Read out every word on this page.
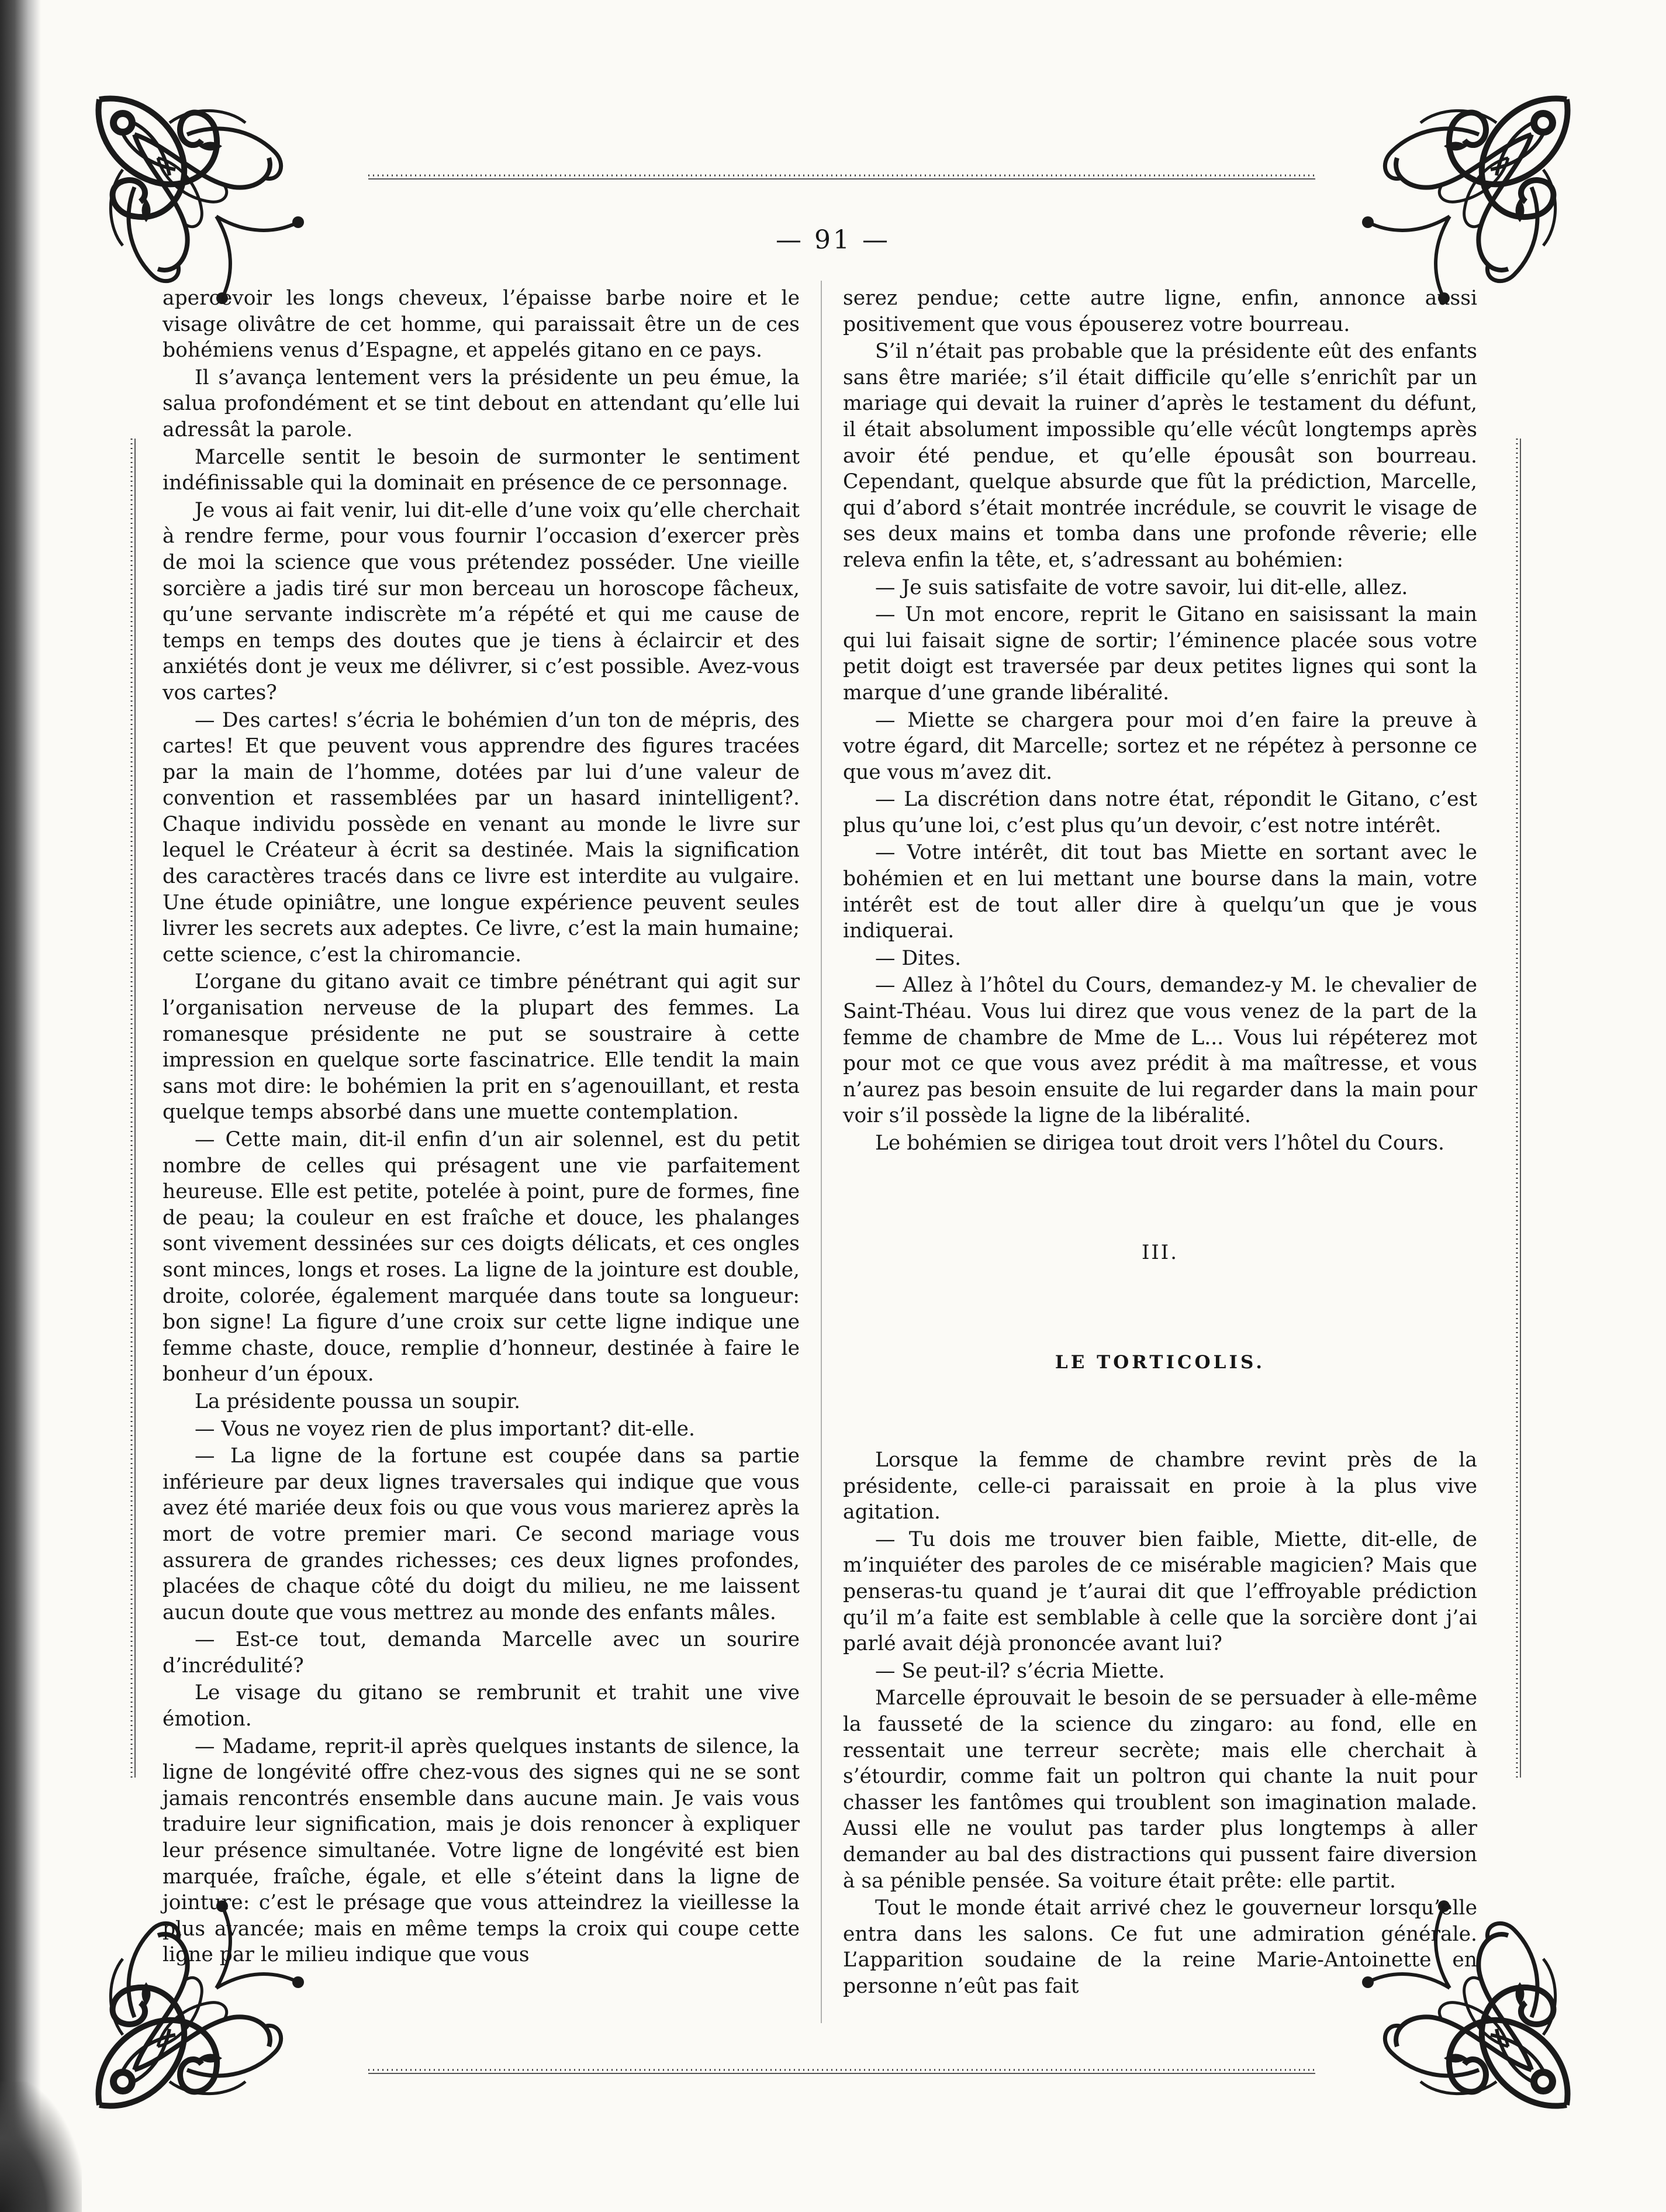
— 91 —

apercevoir les longs cheveux, l’épaisse barbe noire et le visage olivâtre de cet homme, qui paraissait être un de ces bohémiens venus d’Espagne, et appelés gitano en ce pays.

Il s’avança lentement vers la présidente un peu émue, la salua profondément et se tint debout en attendant qu’elle lui adressât la parole.

Marcelle sentit le besoin de surmonter le sentiment indéfinissable qui la dominait en présence de ce personnage.

Je vous ai fait venir, lui dit-elle d’une voix qu’elle cherchait à rendre ferme, pour vous fournir l’occasion d’exercer près de moi la science que vous prétendez posséder. Une vieille sorcière a jadis tiré sur mon berceau un horoscope fâcheux, qu’une servante indiscrète m’a répété et qui me cause de temps en temps des doutes que je tiens à éclaircir et des anxiétés dont je veux me délivrer, si c’est possible. Avez-vous vos cartes?

— Des cartes! s’écria le bohémien d’un ton de mépris, des cartes! Et que peuvent vous apprendre des figures tracées par la main de l’homme, dotées par lui d’une valeur de convention et rassemblées par un hasard inintelligent?. Chaque individu possède en venant au monde le livre sur lequel le Créateur à écrit sa destinée. Mais la signification des caractères tracés dans ce livre est interdite au vulgaire. Une étude opiniâtre, une longue expérience peuvent seules livrer les secrets aux adeptes. Ce livre, c’est la main humaine; cette science, c’est la chiromancie.

L’organe du gitano avait ce timbre pénétrant qui agit sur l’organisation nerveuse de la plupart des femmes. La romanesque présidente ne put se soustraire à cette impression en quelque sorte fascinatrice. Elle tendit la main sans mot dire: le bohémien la prit en s’agenouillant, et resta quelque temps absorbé dans une muette contemplation.

— Cette main, dit-il enfin d’un air solennel, est du petit nombre de celles qui présagent une vie parfaitement heureuse. Elle est petite, potelée à point, pure de formes, fine de peau; la couleur en est fraîche et douce, les phalanges sont vivement dessinées sur ces doigts délicats, et ces ongles sont minces, longs et roses. La ligne de la jointure est double, droite, colorée, également marquée dans toute sa longueur: bon signe! La figure d’une croix sur cette ligne indique une femme chaste, douce, remplie d’honneur, destinée à faire le bonheur d’un époux.

La présidente poussa un soupir.

— Vous ne voyez rien de plus important? dit-elle.

— La ligne de la fortune est coupée dans sa partie inférieure par deux lignes traversales qui indique que vous avez été mariée deux fois ou que vous vous marierez après la mort de votre premier mari. Ce second mariage vous assurera de grandes richesses; ces deux lignes profondes, placées de chaque côté du doigt du milieu, ne me laissent aucun doute que vous mettrez au monde des enfants mâles.

— Est-ce tout, demanda Marcelle avec un sourire d’incrédulité?

Le visage du gitano se rembrunit et trahit une vive émotion.

— Madame, reprit-il après quelques instants de silence, la ligne de longévité offre chez-vous des signes qui ne se sont jamais rencontrés ensemble dans aucune main. Je vais vous traduire leur signification, mais je dois renoncer à expliquer leur présence simultanée. Votre ligne de longévité est bien marquée, fraîche, égale, et elle s’éteint dans la ligne de jointure: c’est le présage que vous atteindrez la vieillesse la plus avancée; mais en même temps la croix qui coupe cette ligne par le milieu indique que vous

serez pendue; cette autre ligne, enfin, annonce aussi positivement que vous épouserez votre bourreau.

S’il n’était pas probable que la présidente eût des enfants sans être mariée; s’il était difficile qu’elle s’enrichît par un mariage qui devait la ruiner d’après le testament du défunt, il était absolument impossible qu’elle vécût longtemps après avoir été pendue, et qu’elle épousât son bourreau. Cependant, quelque absurde que fût la prédiction, Marcelle, qui d’abord s’était montrée incrédule, se couvrit le visage de ses deux mains et tomba dans une profonde rêverie; elle releva enfin la tête, et, s’adressant au bohémien:

— Je suis satisfaite de votre savoir, lui dit-elle, allez.

— Un mot encore, reprit le Gitano en saisissant la main qui lui faisait signe de sortir; l’éminence placée sous votre petit doigt est traversée par deux petites lignes qui sont la marque d’une grande libéralité.

— Miette se chargera pour moi d’en faire la preuve à votre égard, dit Marcelle; sortez et ne répétez à personne ce que vous m’avez dit.

— La discrétion dans notre état, répondit le Gitano, c’est plus qu’une loi, c’est plus qu’un devoir, c’est notre intérêt.

— Votre intérêt, dit tout bas Miette en sortant avec le bohémien et en lui mettant une bourse dans la main, votre intérêt est de tout aller dire à quelqu’un que je vous indiquerai.

— Dites.

— Allez à l’hôtel du Cours, demandez-y M. le chevalier de Saint-Théau. Vous lui direz que vous venez de la part de la femme de chambre de Mme de L... Vous lui répéterez mot pour mot ce que vous avez prédit à ma maîtresse, et vous n’aurez pas besoin ensuite de lui regarder dans la main pour voir s’il possède la ligne de la libéralité.

Le bohémien se dirigea tout droit vers l’hôtel du Cours.

III.
LE TORTICOLIS.

Lorsque la femme de chambre revint près de la présidente, celle-ci paraissait en proie à la plus vive agitation.

— Tu dois me trouver bien faible, Miette, dit-elle, de m’inquiéter des paroles de ce misérable magicien? Mais que penseras-tu quand je t’aurai dit que l’effroyable prédiction qu’il m’a faite est semblable à celle que la sorcière dont j’ai parlé avait déjà prononcée avant lui?

— Se peut-il? s’écria Miette.

Marcelle éprouvait le besoin de se persuader à elle-même la fausseté de la science du zingaro: au fond, elle en ressentait une terreur secrète; mais elle cherchait à s’étourdir, comme fait un poltron qui chante la nuit pour chasser les fantômes qui troublent son imagination malade. Aussi elle ne voulut pas tarder plus longtemps à aller demander au bal des distractions qui pussent faire diversion à sa pénible pensée. Sa voiture était prête: elle partit.

Tout le monde était arrivé chez le gouverneur lorsqu’elle entra dans les salons. Ce fut une admiration générale. L’apparition soudaine de la reine Marie-Antoinette en personne n’eût pas fait
